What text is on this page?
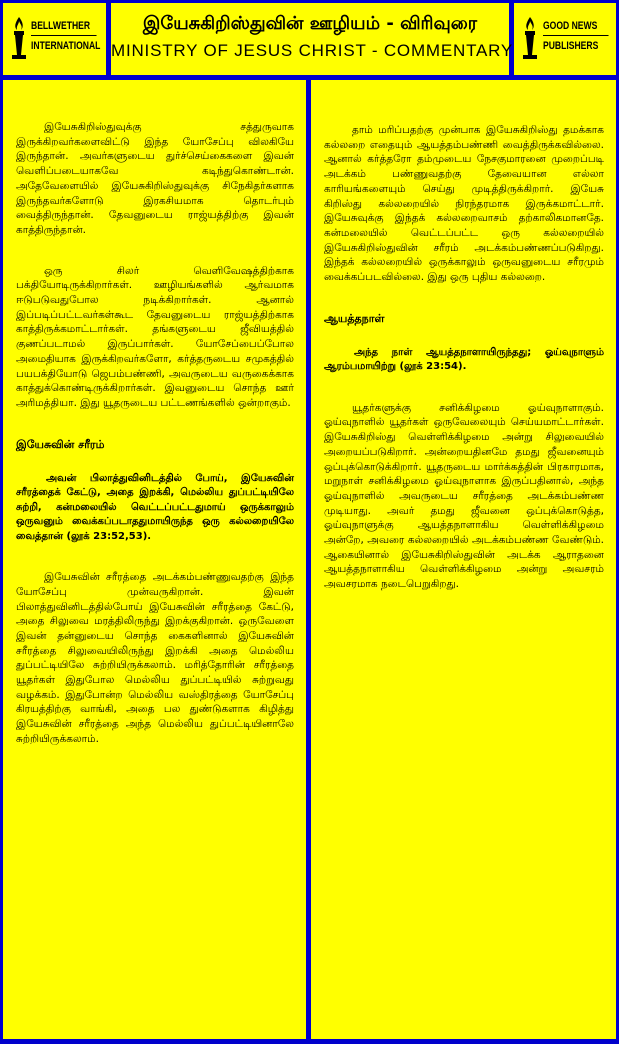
BELLWETHER
INTERNATIONAL
இயேசுகிறிஸ்துவின் ஊழியம் - விரிவுரை
MINISTRY OF JESUS CHRIST - COMMENTARY
GOOD NEWS
PUBLISHERS

இயேசுகிறிஸ்துவுக்கு சத்துருவாக இருக்கிறவர்களைவிட்டு இந்த யோசேப்பு விலகியே இருந்தான். அவர்களுடைய துர்ச்செய்கைகளை இவன் வெளிப்படையாகவே கடிந்துகொண்டான். அதேவேளையில் இயேசுகிறிஸ்துவுக்கு சிநேகிதர்களாக இருந்தவர்களோடு இரகசியமாக தொடர்பும் வைத்திருந்தான். தேவனுடைய ராஜ்யத்திற்கு இவன் காத்திருந்தான்.

ஒரு சிலர் வெளிவேஷத்திற்காக பக்தியோடிருக்கிறார்கள். ஊழியங்களில் ஆர்வமாக ஈடுபடுவதுபோல நடிக்கிறார்கள். ஆனால் இப்படிப்பட்டவர்கள்கூட தேவனுடைய ராஜ்யத்திற்காக காத்திருக்கமாட்டார்கள். தங்களுடைய ஜீவியத்தில் குணப்படாமல் இருப்பார்கள். யோசேப்பைப்போல அமைதியாக இருக்கிறவர்களோ, கர்த்தருடைய சமுகத்தில் பயபக்தியோடு ஜெபம்பண்ணி, அவருடைய வருகைக்காக காத்துக்கொண்டிருக்கிறார்கள். இவனுடைய சொந்த ஊர் அரிமத்தியா. இது யூதருடைய பட்டணங்களில் ஒன்றாகும்.

இயேசுவின் சரீரம்
அவன் பிலாத்துவினிடத்தில் போய், இயேசுவின் சரீரத்தைக் கேட்டு, அதை இறக்கி, மெல்லிய துப்பட்டியிலே சுற்றி, கன்மலையில் வெட்டப்பட்டதுமாய் ஒருக்காலும் ஒருவனும் வைக்கப்படாததுமாயிருந்த ஒரு கல்லறையிலே வைத்தான் (லூக் 23:52,53).

இயேசுவின் சரீரத்தை அடக்கம்பண்ணுவதற்கு இந்த யோசேப்பு முன்வருகிறான். இவன் பிலாத்துவினிடத்தில்போய் இயேசுவின் சரீரத்தை கேட்டு, அதை சிலுவை மரத்திலிருந்து இறக்குகிறான். ஒருவேளை இவன் தன்னுடைய சொந்த கைகளினால் இயேசுவின் சரீரத்தை சிலுவையிலிருந்து இறக்கி அதை மெல்லிய துப்பட்டியிலே சுற்றியிருக்கலாம். மரித்தோரின் சரீரத்தை யூதர்கள் இதுபோல மெல்லிய துப்பட்டியில் சுற்றுவது வழக்கம். இதுபோன்ற மெல்லிய வஸ்திரத்தை யோசேப்பு கிரயத்திற்கு வாங்கி, அதை பல துண்டுகளாக கிழித்து இயேசுவின் சரீரத்தை அந்த மெல்லிய துப்பட்டியினாலே சுற்றியிருக்கலாம்.

தாம் மரிப்பதற்கு முன்பாக இயேசுகிறிஸ்து தமக்காக கல்லறை எதையும் ஆயத்தம்பண்ணி வைத்திருக்கவில்லை. ஆனால் கர்த்தரோ தம்முடைய நேசகுமாரனை முறைப்படி அடக்கம் பண்ணுவதற்கு தேவையான எல்லா காரியங்களையும் செய்து முடித்திருக்கிறார். இயேசு கிறிஸ்து கல்லறையில் நிரந்தரமாக இருக்கமாட்டார். இயேசுவுக்கு இந்தக் கல்லறைவாசம் தற்காலிகமானதே. கன்மலையில் வெட்டப்பட்ட ஒரு கல்லறையில் இயேசுகிறிஸ்துவின் சரீரம் அடக்கம்பண்ணப்படுகிறது. இந்தக் கல்லறையில் ஒருக்காலும் ஒருவனுடைய சரீரமும் வைக்கப்படவில்லை. இது ஒரு புதிய கல்லறை.

ஆயத்தநாள்
அந்த நாள் ஆயத்தநாளாயிருந்தது; ஓய்வுநாளும் ஆரம்பமாயிற்று (லூக் 23:54).

யூதர்களுக்கு சனிக்கிழமை ஓய்வுநாளாகும். ஓய்வுநாளில் யூதர்கள் ஒருவேலையும் செய்யமாட்டார்கள். இயேசுகிறிஸ்து வெள்ளிக்கிழமை அன்று சிலுவையில் அறையப்படுகிறார். அன்றையதினமே தமது ஜீவனையும் ஒப்புக்கொடுக்கிறார். யூதருடைய மார்க்கத்தின் பிரகாரமாக, மறுநாள் சனிக்கிழமை ஓய்வுநாளாக இருப்பதினால், அந்த ஓய்வுநாளில் அவருடைய சரீரத்தை அடக்கம்பண்ண முடியாது. அவர் தமது ஜீவனை ஒப்புக்கொடுத்த, ஓய்வுநாளுக்கு ஆயத்தநாளாகிய வெள்ளிக்கிழமை அன்றே, அவரை கல்லறையில் அடக்கம்பண்ண வேண்டும். ஆகையினால் இயேசுகிறிஸ்துவின் அடக்க ஆராதனை ஆயத்தநாளாகிய வெள்ளிக்கிழமை அன்று அவசரம் அவசரமாக நடைபெறுகிறது.
